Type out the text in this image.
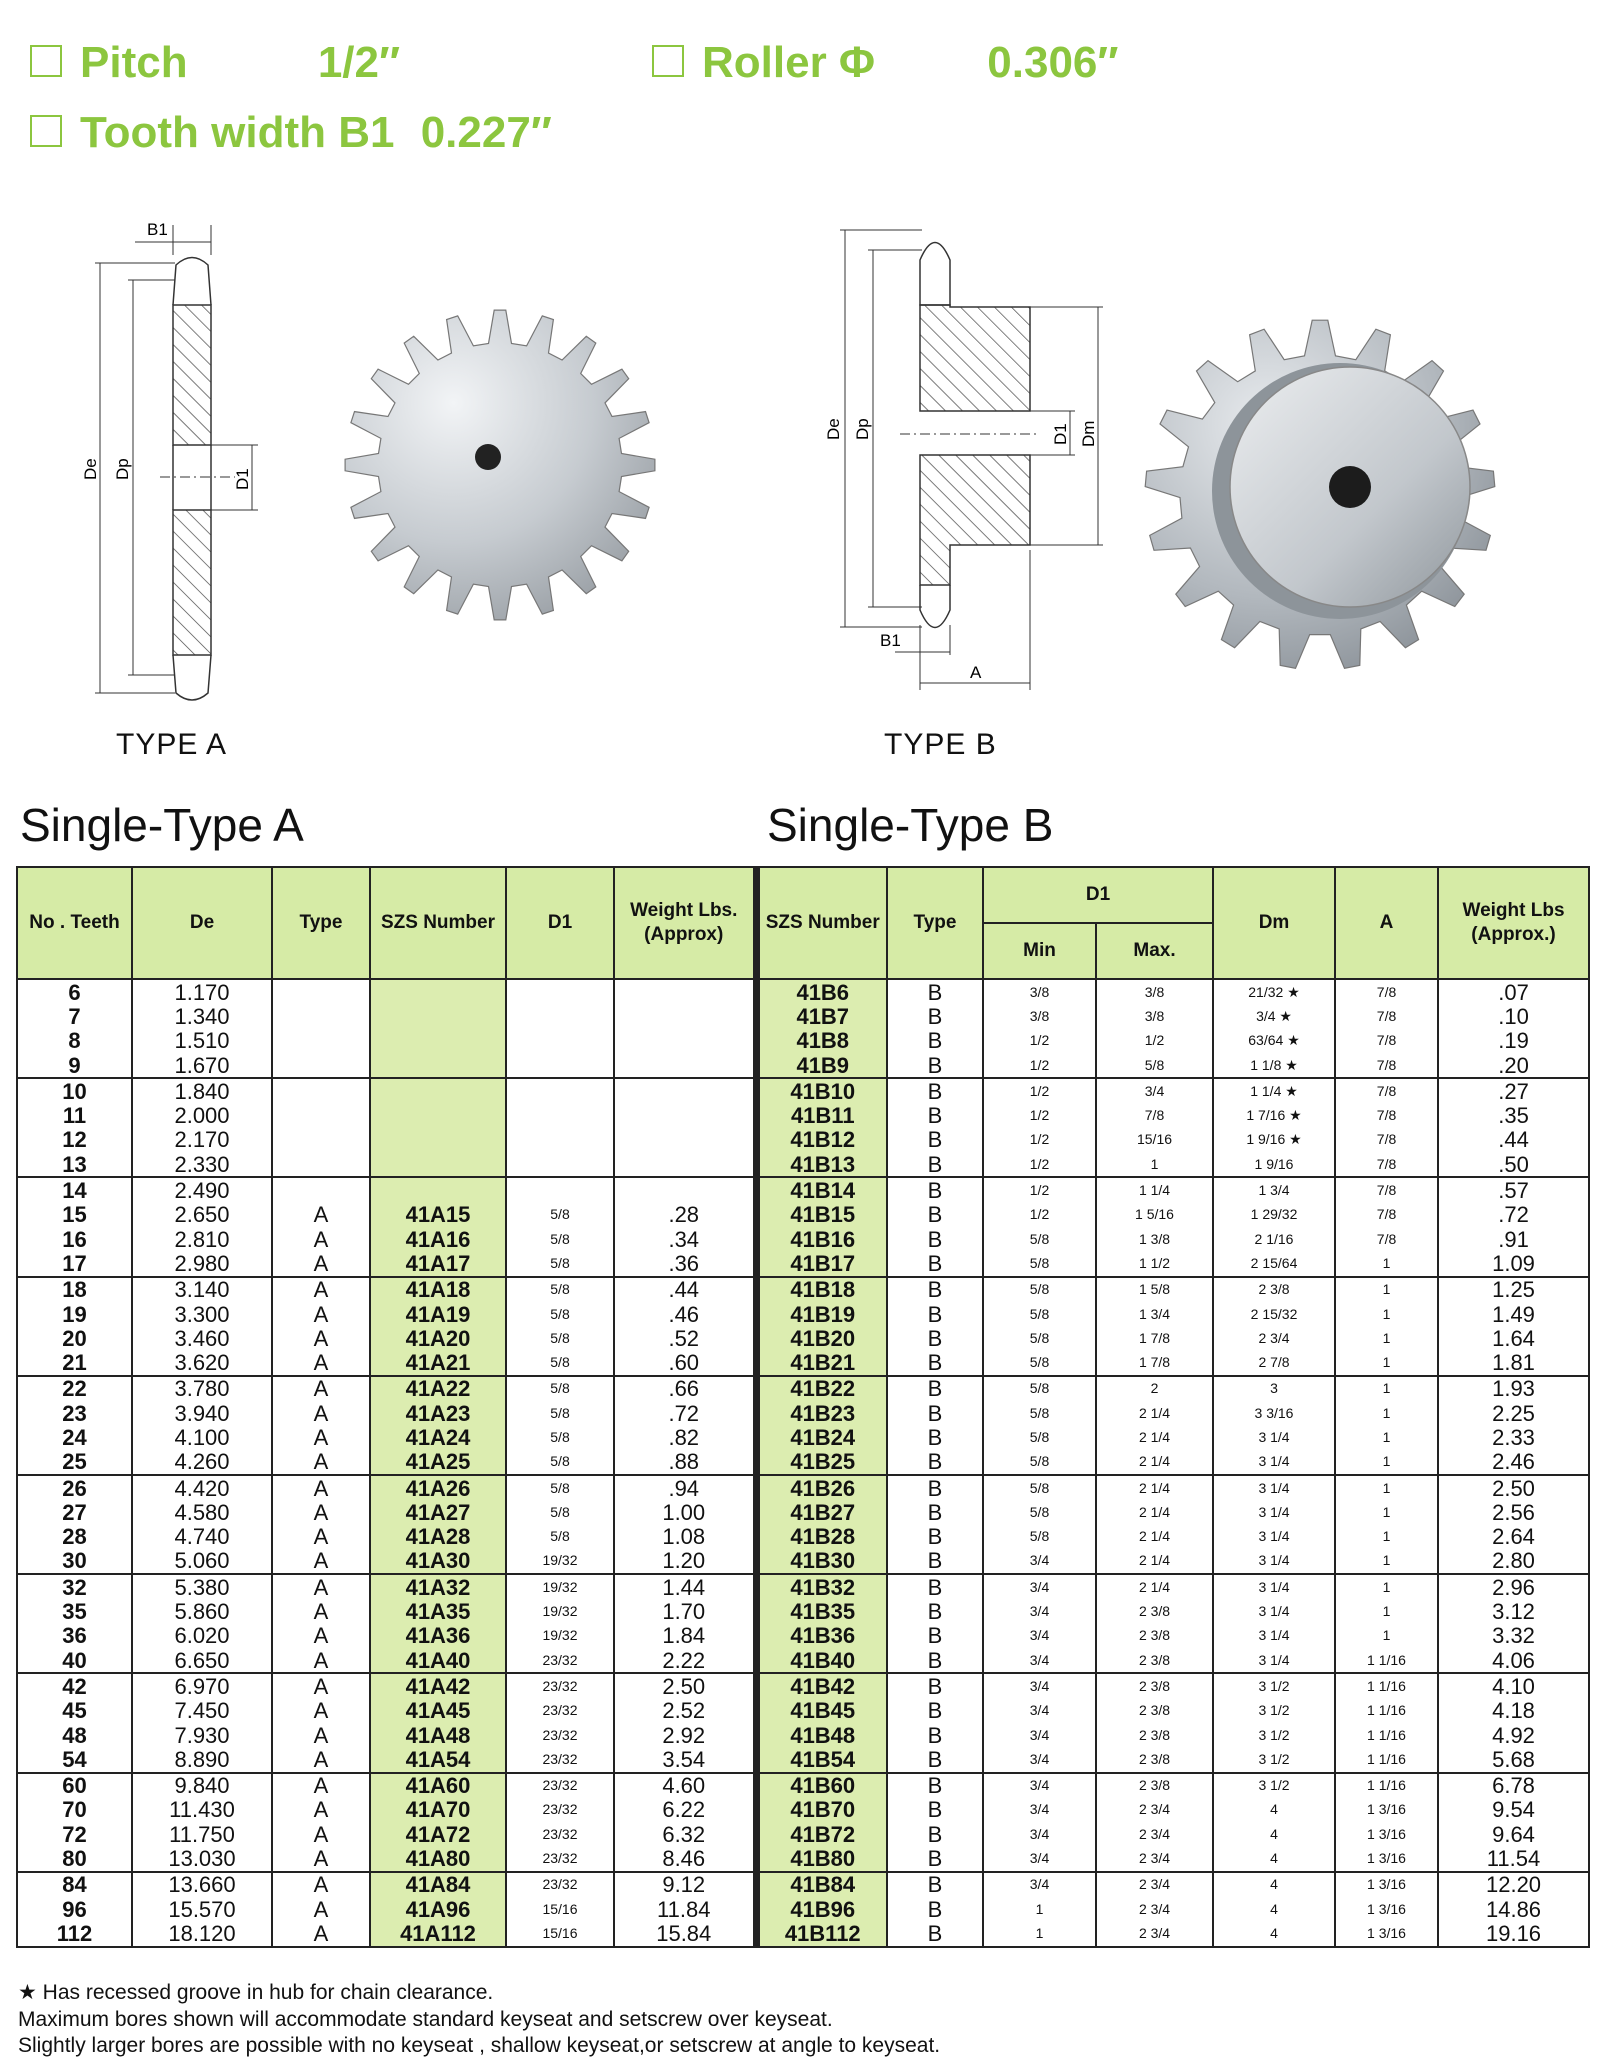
Pitch	1/2″	Roller Φ	0.306″
Tooth width B1 0.227″
B1
De Dp	D1
TYPE A
B1
A
De Dp	D1 Dm
TYPE B
Single-Type A	Single-Type B
No . Teeth	De	Type	SZS Number	D1	Weight Lbs. (Approx)	SZS Number	Type	D1		Dm	A	Weight Lbs (Approx.)
								Min	Max.			
6	1.170					41B6	B	3/8	3/8	21/32 ★	7/8	.07
7	1.340					41B7	B	3/8	3/8	3/4 ★	7/8	.10
8	1.510					41B8	B	1/2	1/2	63/64 ★	7/8	.19
9	1.670					41B9	B	1/2	5/8	1 1/8 ★	7/8	.20
10	1.840					41B10	B	1/2	3/4	1 1/4 ★	7/8	.27
11	2.000					41B11	B	1/2	7/8	1 7/16 ★	7/8	.35
12	2.170					41B12	B	1/2	15/16	1 9/16 ★	7/8	.44
13	2.330					41B13	B	1/2	1	1 9/16	7/8	.50
14	2.490					41B14	B	1/2	1 1/4	1 3/4	7/8	.57
15	2.650	A	41A15	5/8	.28	41B15	B	1/2	1 5/16	1 29/32	7/8	.72
16	2.810	A	41A16	5/8	.34	41B16	B	5/8	1 3/8	2 1/16	7/8	.91
17	2.980	A	41A17	5/8	.36	41B17	B	5/8	1 1/2	2 15/64	1	1.09
18	3.140	A	41A18	5/8	.44	41B18	B	5/8	1 5/8	2 3/8	1	1.25
19	3.300	A	41A19	5/8	.46	41B19	B	5/8	1 3/4	2 15/32	1	1.49
20	3.460	A	41A20	5/8	.52	41B20	B	5/8	1 7/8	2 3/4	1	1.64
21	3.620	A	41A21	5/8	.60	41B21	B	5/8	1 7/8	2 7/8	1	1.81
22	3.780	A	41A22	5/8	.66	41B22	B	5/8	2	3	1	1.93
23	3.940	A	41A23	5/8	.72	41B23	B	5/8	2 1/4	3 3/16	1	2.25
24	4.100	A	41A24	5/8	.82	41B24	B	5/8	2 1/4	3 1/4	1	2.33
25	4.260	A	41A25	5/8	.88	41B25	B	5/8	2 1/4	3 1/4	1	2.46
26	4.420	A	41A26	5/8	.94	41B26	B	5/8	2 1/4	3 1/4	1	2.50
27	4.580	A	41A27	5/8	1.00	41B27	B	5/8	2 1/4	3 1/4	1	2.56
28	4.740	A	41A28	5/8	1.08	41B28	B	5/8	2 1/4	3 1/4	1	2.64
30	5.060	A	41A30	19/32	1.20	41B30	B	3/4	2 1/4	3 1/4	1	2.80
32	5.380	A	41A32	19/32	1.44	41B32	B	3/4	2 1/4	3 1/4	1	2.96
35	5.860	A	41A35	19/32	1.70	41B35	B	3/4	2 3/8	3 1/4	1	3.12
36	6.020	A	41A36	19/32	1.84	41B36	B	3/4	2 3/8	3 1/4	1	3.32
40	6.650	A	41A40	23/32	2.22	41B40	B	3/4	2 3/8	3 1/4	1 1/16	4.06
42	6.970	A	41A42	23/32	2.50	41B42	B	3/4	2 3/8	3 1/2	1 1/16	4.10
45	7.450	A	41A45	23/32	2.52	41B45	B	3/4	2 3/8	3 1/2	1 1/16	4.18
48	7.930	A	41A48	23/32	2.92	41B48	B	3/4	2 3/8	3 1/2	1 1/16	4.92
54	8.890	A	41A54	23/32	3.54	41B54	B	3/4	2 3/8	3 1/2	1 1/16	5.68
60	9.840	A	41A60	23/32	4.60	41B60	B	3/4	2 3/8	3 1/2	1 1/16	6.78
70	11.430	A	41A70	23/32	6.22	41B70	B	3/4	2 3/4	4	1 3/16	9.54
72	11.750	A	41A72	23/32	6.32	41B72	B	3/4	2 3/4	4	1 3/16	9.64
80	13.030	A	41A80	23/32	8.46	41B80	B	3/4	2 3/4	4	1 3/16	11.54
84	13.660	A	41A84	23/32	9.12	41B84	B	3/4	2 3/4	4	1 3/16	12.20
96	15.570	A	41A96	15/16	11.84	41B96	B	1	2 3/4	4	1 3/16	14.86
112	18.120	A	41A112	15/16	15.84	41B112	B	1	2 3/4	4	1 3/16	19.16
★ Has recessed groove in hub for chain clearance.
Maximum bores shown will accommodate standard keyseat and setscrew over keyseat.
Slightly larger bores are possible with no keyseat , shallow keyseat,or setscrew at angle to keyseat.
